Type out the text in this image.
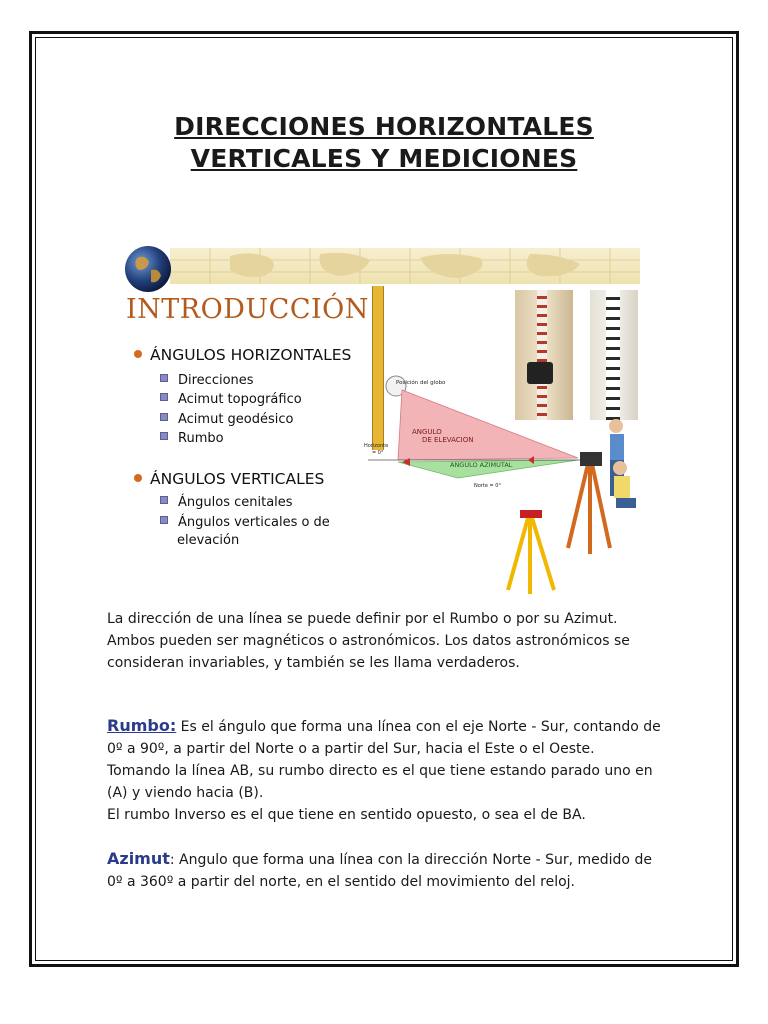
DIRECCIONES HORIZONTALES
VERTICALES Y MEDICIONES
INTRODUCCIÓN
ÁNGULOS HORIZONTALES
Direcciones
Acimut topográfico
Acimut geodésico
Rumbo
ÁNGULOS VERTICALES
Ángulos cenitales
Ángulos verticales o de
elevación
Posición del globo
ANGULO
DE ELEVACION
ANGULO AZIMUTAL
Horizonte
= 0°
Norte = 0°
La dirección de una línea se puede definir por el Rumbo o por su Azimut.
Ambos pueden ser magnéticos o astronómicos. Los datos astronómicos se
consideran invariables, y también se les llama verdaderos.
Rumbo: Es el ángulo que forma una línea con el eje Norte - Sur, contando de
0º a 90º, a partir del Norte o a partir del Sur, hacia el Este o el Oeste.
Tomando la línea AB, su rumbo directo es el que tiene estando parado uno en
(A) y viendo hacia (B).
El rumbo Inverso es el que tiene en sentido opuesto, o sea el de BA.
Azimut: Angulo que forma una línea con la dirección Norte - Sur, medido de
0º a 360º a partir del norte, en el sentido del movimiento del reloj.
